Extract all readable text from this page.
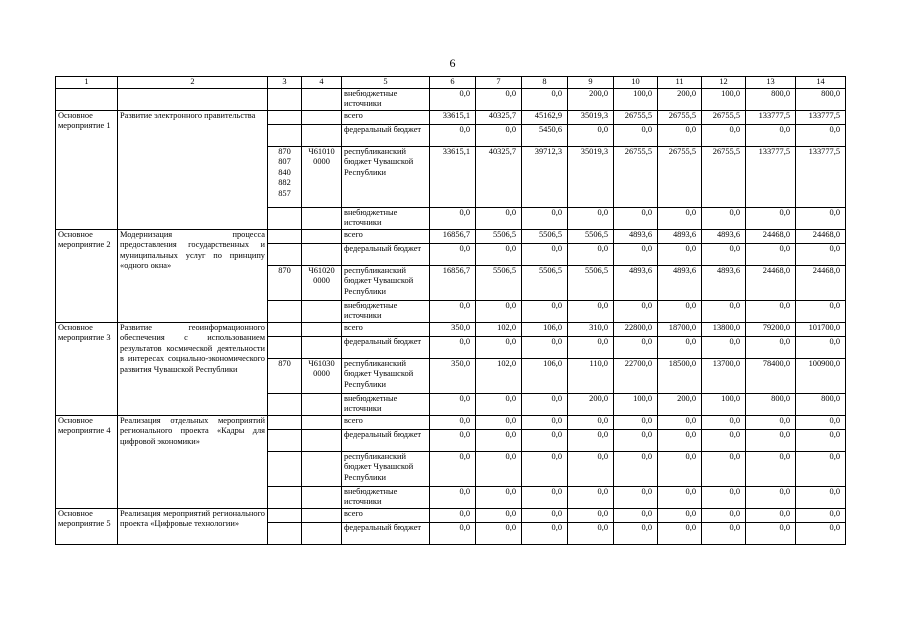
6
1	2	3	4	5	6	7	8	9	10	11	12	13	14
				внебюджетные источники	0,0	0,0	0,0	200,0	100,0	200,0	100,0	800,0	800,0
Основное мероприятие 1	Развитие электронного правительства			всего	33615,1	40325,7	45162,9	35019,3	26755,5	26755,5	26755,5	133777,5	133777,5
				федеральный бюджет	0,0	0,0	5450,6	0,0	0,0	0,0	0,0	0,0	0,0
		870 807 840 882 857	Ч61010 0000	республиканский бюджет Чувашской Республики	33615,1	40325,7	39712,3	35019,3	26755,5	26755,5	26755,5	133777,5	133777,5
				внебюджетные источники	0,0	0,0	0,0	0,0	0,0	0,0	0,0	0,0	0,0
Основное мероприятие 2	Модернизация процесса предоставления государственных и муниципальных услуг по принципу «одного окна»			всего	16856,7	5506,5	5506,5	5506,5	4893,6	4893,6	4893,6	24468,0	24468,0
				федеральный бюджет	0,0	0,0	0,0	0,0	0,0	0,0	0,0	0,0	0,0
		870	Ч61020 0000	республиканский бюджет Чувашской Республики	16856,7	5506,5	5506,5	5506,5	4893,6	4893,6	4893,6	24468,0	24468,0
				внебюджетные источники	0,0	0,0	0,0	0,0	0,0	0,0	0,0	0,0	0,0
Основное мероприятие 3	Развитие геоинформационного обеспечения с использованием результатов космической деятельности в интересах социально-экономического развития Чувашской Республики			всего	350,0	102,0	106,0	310,0	22800,0	18700,0	13800,0	79200,0	101700,0
				федеральный бюджет	0,0	0,0	0,0	0,0	0,0	0,0	0,0	0,0	0,0
		870	Ч61030 0000	республиканский бюджет Чувашской Республики	350,0	102,0	106,0	110,0	22700,0	18500,0	13700,0	78400,0	100900,0
				внебюджетные источники	0,0	0,0	0,0	200,0	100,0	200,0	100,0	800,0	800,0
Основное мероприятие 4	Реализация отдельных мероприятий регионального проекта «Кадры для цифровой экономики»			всего	0,0	0,0	0,0	0,0	0,0	0,0	0,0	0,0	0,0
				федеральный бюджет	0,0	0,0	0,0	0,0	0,0	0,0	0,0	0,0	0,0
				республиканский бюджет Чувашской Республики	0,0	0,0	0,0	0,0	0,0	0,0	0,0	0,0	0,0
				внебюджетные источники	0,0	0,0	0,0	0,0	0,0	0,0	0,0	0,0	0,0
Основное мероприятие 5	Реализация мероприятий регионального проекта «Цифровые технологии»			всего	0,0	0,0	0,0	0,0	0,0	0,0	0,0	0,0	0,0
				федеральный бюджет	0,0	0,0	0,0	0,0	0,0	0,0	0,0	0,0	0,0
